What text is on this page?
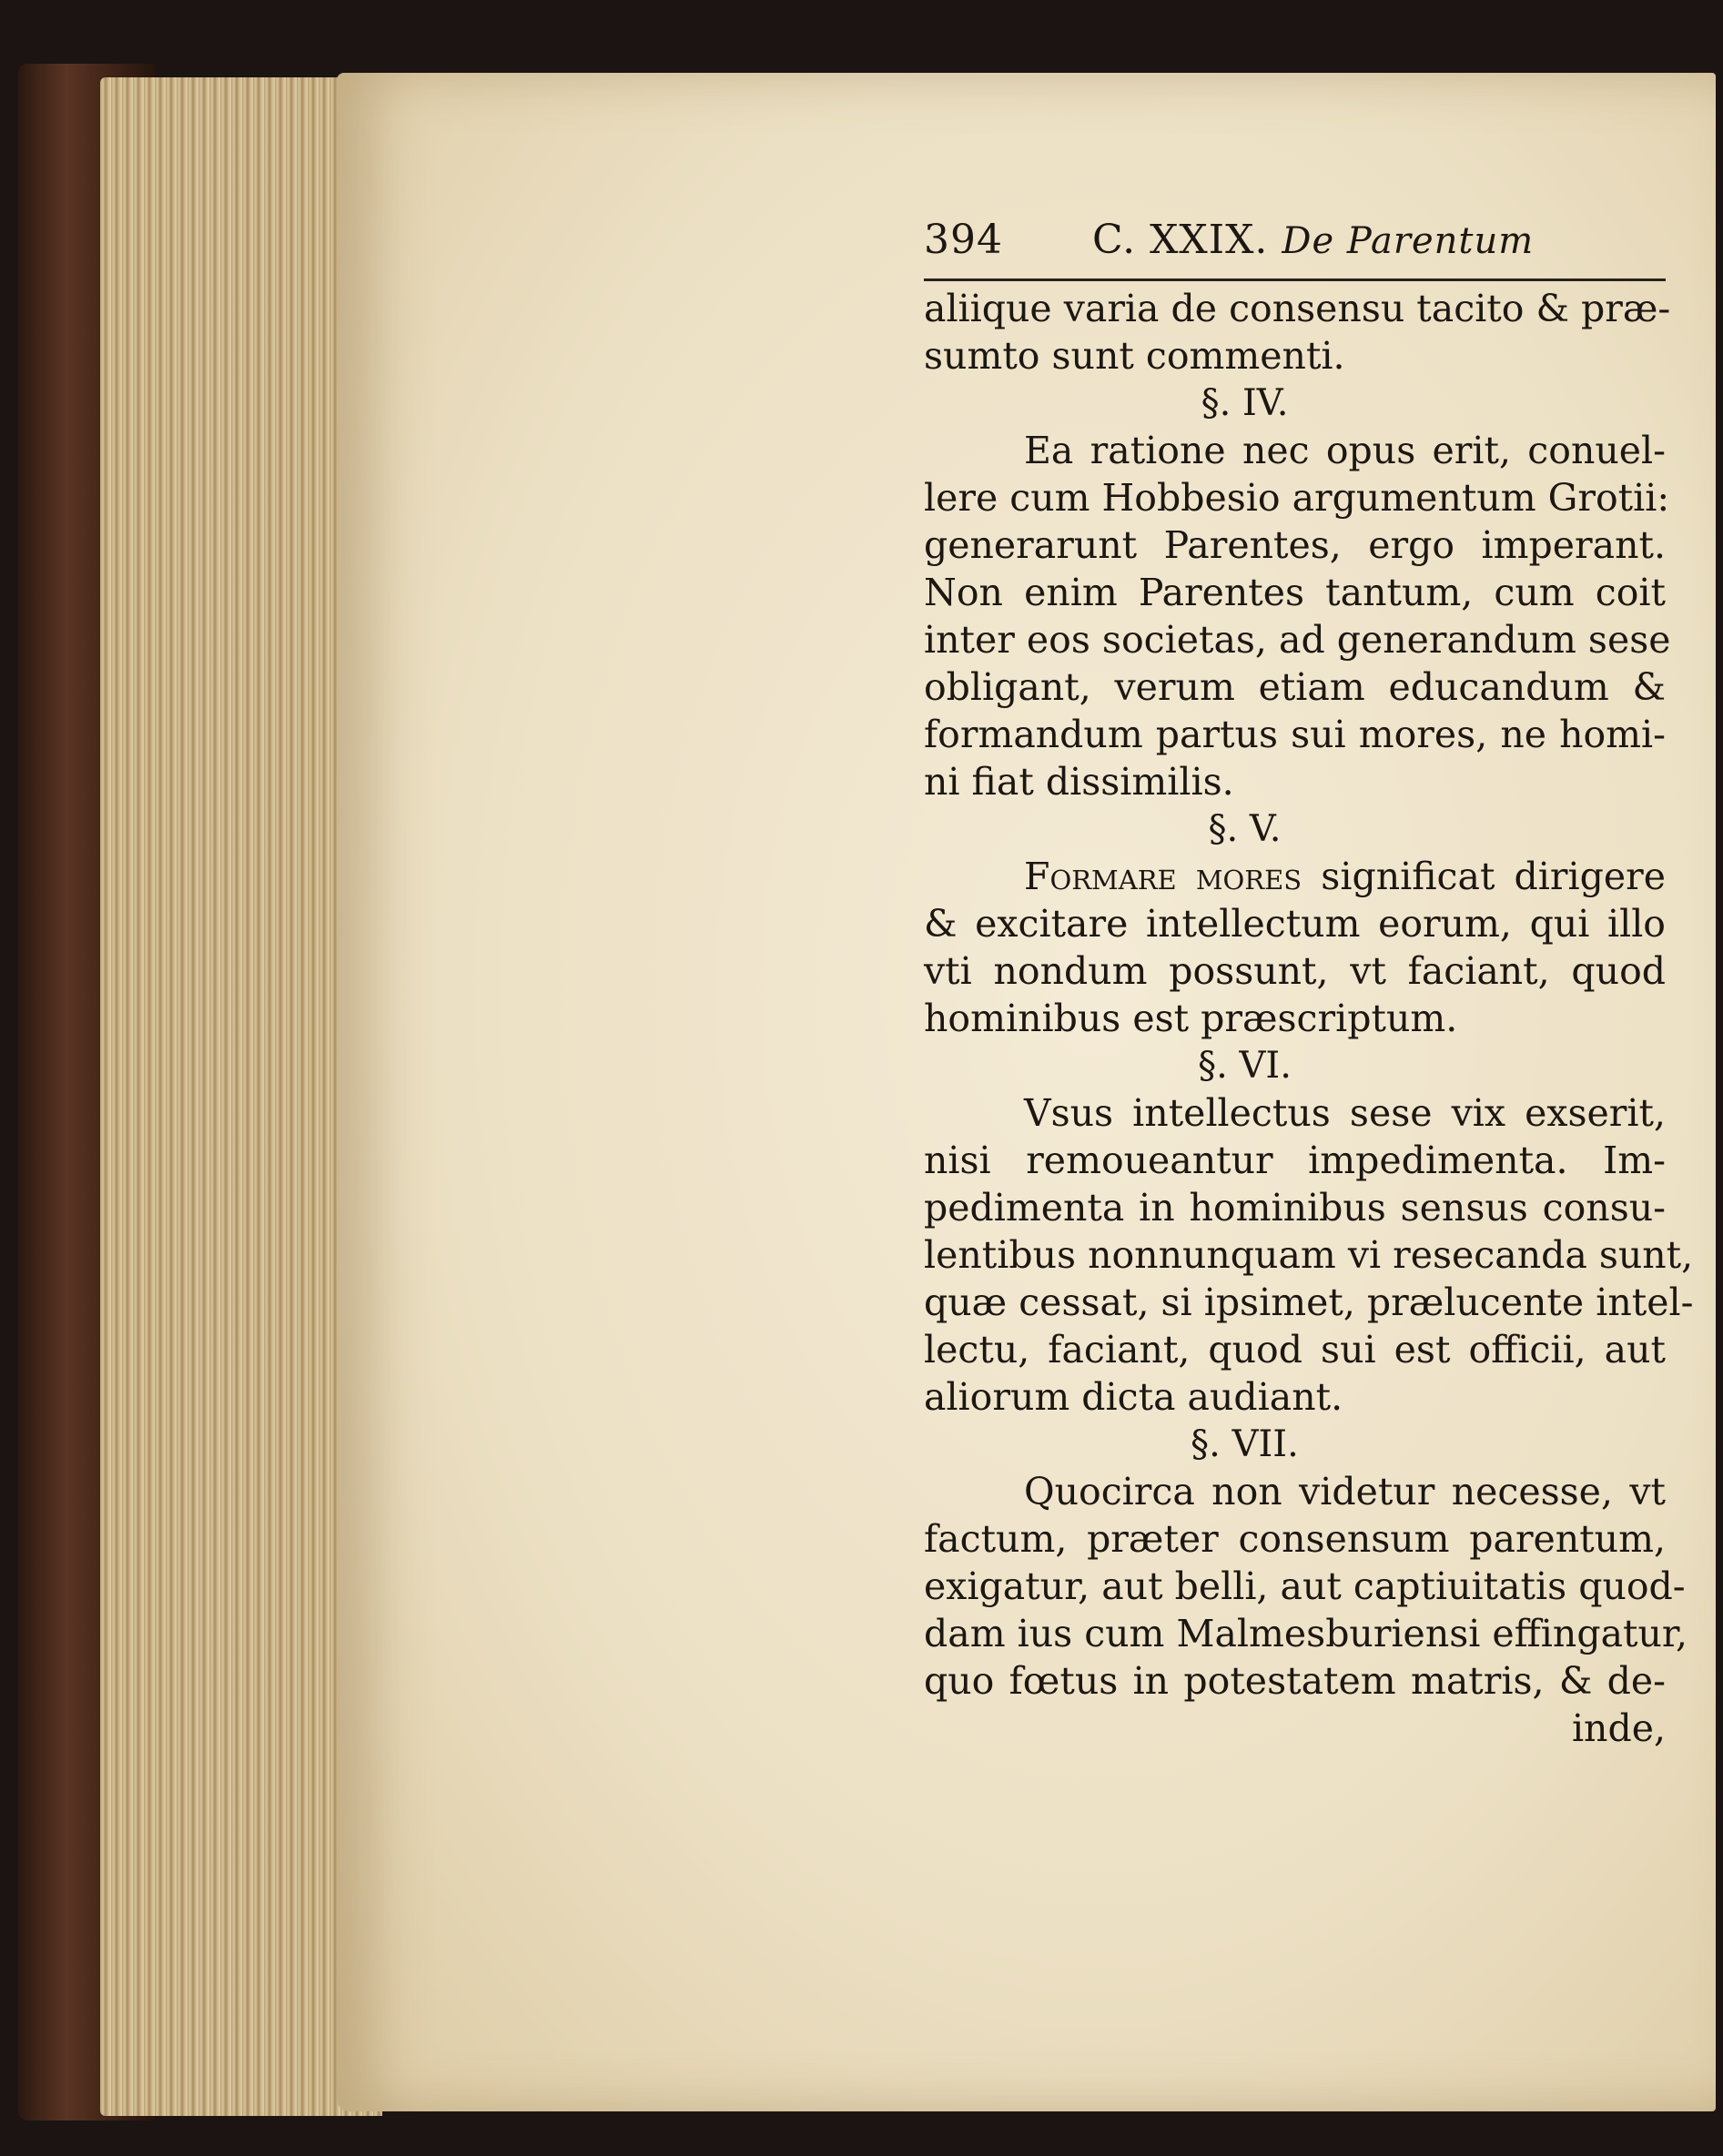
394 C. XXIX. De Parentum
aliique varia de consensu tacito & præ-
sumto sunt commenti.
§. IV.
Ea ratione nec opus erit, conuel-
lere cum Hobbesio argumentum Grotii:
generarunt Parentes, ergo imperant.
Non enim Parentes tantum, cum coit
inter eos societas, ad generandum sese
obligant, verum etiam educandum &
formandum partus sui mores, ne homi-
ni fiat dissimilis.
§. V.
Formare mores significat dirigere
& excitare intellectum eorum, qui illo
vti nondum possunt, vt faciant, quod
hominibus est præscriptum.
§. VI.
Vsus intellectus sese vix exserit,
nisi remoueantur impedimenta. Im-
pedimenta in hominibus sensus consu-
lentibus nonnunquam vi resecanda sunt,
quæ cessat, si ipsimet, prælucente intel-
lectu, faciant, quod sui est officii, aut
aliorum dicta audiant.
§. VII.
Quocirca non videtur necesse, vt
factum, præter consensum parentum,
exigatur, aut belli, aut captiuitatis quod-
dam ius cum Malmesburiensi effingatur,
quo fœtus in potestatem matris, & de-
inde,
